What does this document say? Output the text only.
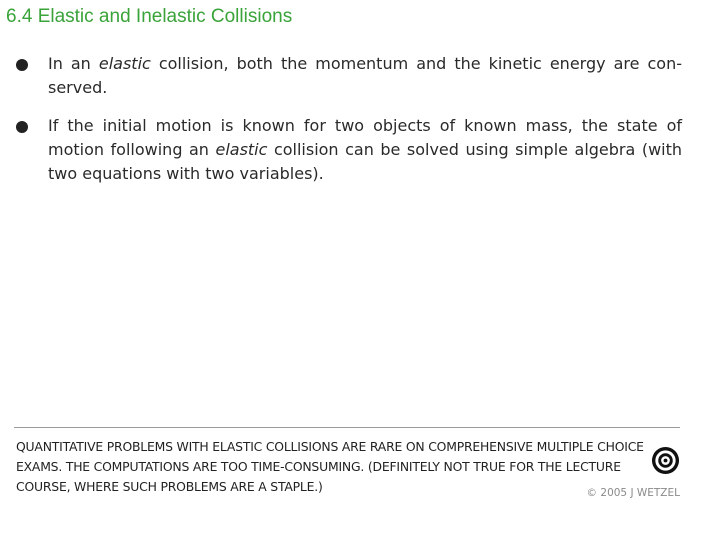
6.4 Elastic and Inelastic Collisions
In an elastic collision, both the momentum and the kinetic energy are con-served.
If the initial motion is known for two objects of known mass, the state of motion following an elastic collision can be solved using simple algebra (with two equations with two variables).
QUANTITATIVE PROBLEMS WITH ELASTIC COLLISIONS ARE RARE ON COMPREHENSIVE MULTIPLE CHOICE
EXAMS. THE COMPUTATIONS ARE TOO TIME-CONSUMING. (DEFINITELY NOT TRUE FOR THE LECTURE
COURSE, WHERE SUCH PROBLEMS ARE A STAPLE.)	© 2005 J WETZEL
